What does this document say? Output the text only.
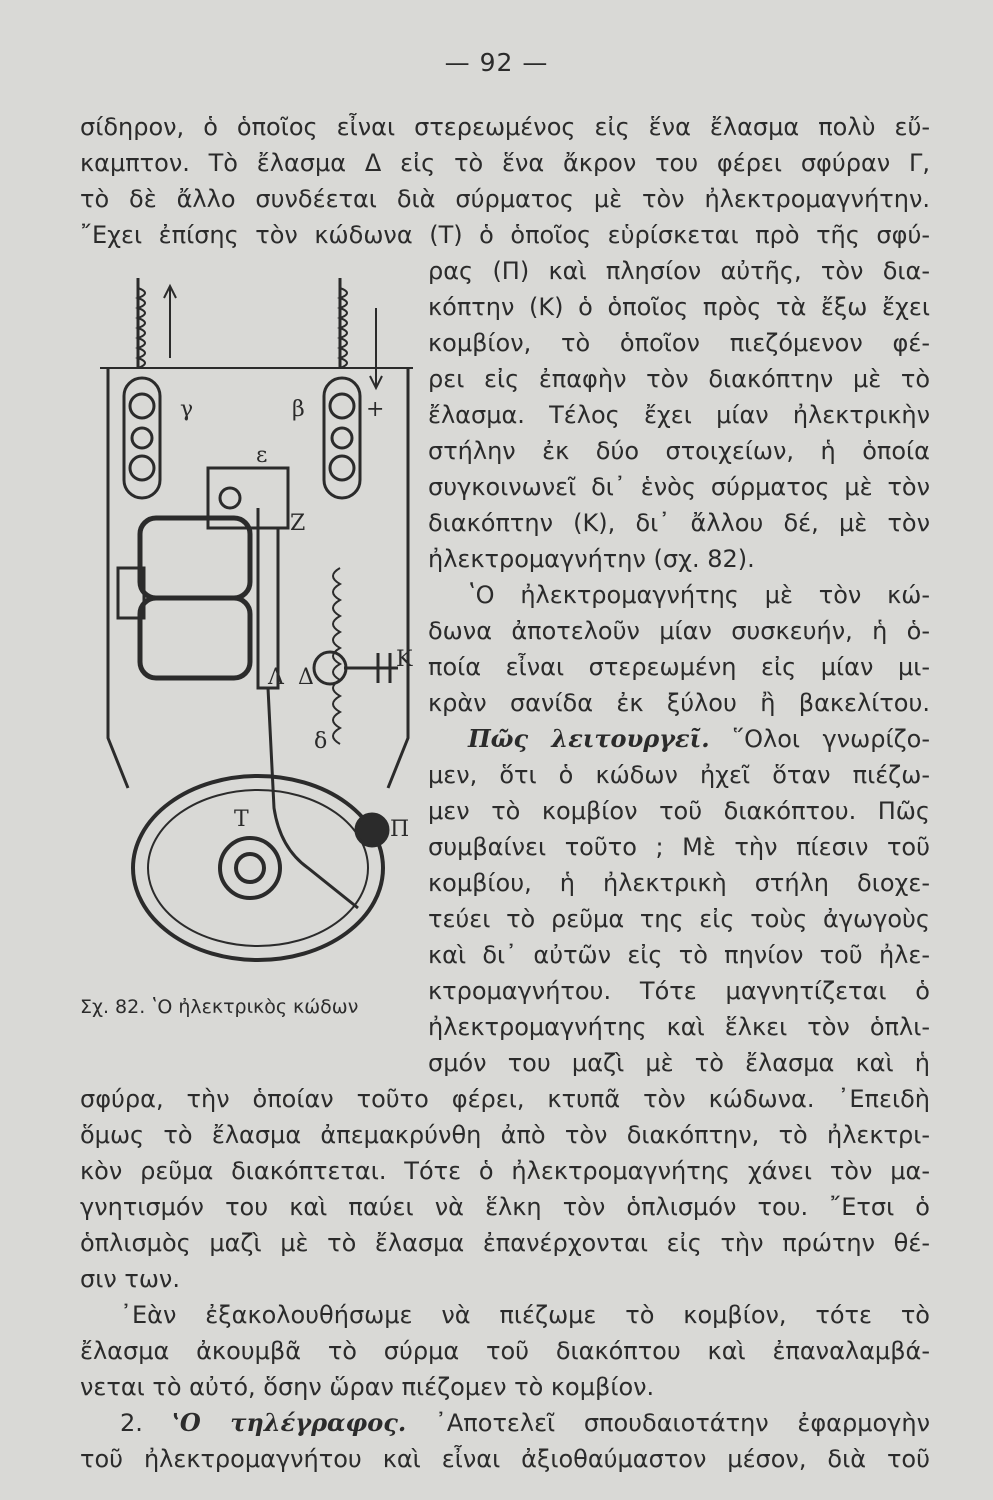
— 92 —
σίδηρον, ὁ ὁποῖος εἶναι στερεωμένος εἰς ἕνα ἔλασμα πολὺ εὔ-
καμπτον. Τὸ ἔλασμα Δ εἰς τὸ ἕνα ἄκρον του φέρει σφύραν Γ,
τὸ δὲ ἄλλο συνδέεται διὰ σύρματος μὲ τὸν ἠλεκτρομαγνήτην.
῎Εχει ἐπίσης τὸν κώδωνα (Τ) ὁ ὁποῖος εὑρίσκεται πρὸ τῆς σφύ-
γ	β	+
ε
Ζ
Κ
Λ Δ
δ
Τ	Π
ρας (Π) καὶ πλησίον αὐτῆς, τὸν δια-
κόπτην (Κ) ὁ ὁποῖος πρὸς τὰ ἔξω ἔχει
κομβίον, τὸ ὁποῖον πιεζόμενον φέ-
ρει εἰς ἐπαφὴν τὸν διακόπτην μὲ τὸ
ἔλασμα. Τέλος ἔχει μίαν ἠλεκτρικὴν
στήλην ἐκ δύο στοιχείων, ἡ ὁποία
συγκοινωνεῖ δι᾿ ἑνὸς σύρματος μὲ τὸν
διακόπτην (Κ), δι᾿ ἄλλου δέ, μὲ τὸν
ἠλεκτρομαγνήτην (σχ. 82).
ʽΟ ἠλεκτρομαγνήτης μὲ τὸν κώ-
δωνα ἀποτελοῦν μίαν συσκευήν, ἡ ὁ-
ποία εἶναι στερεωμένη εἰς μίαν μι-
κρὰν σανίδα ἐκ ξύλου ἢ βακελίτου.
Πῶς λειτουργεῖ. ῞Ολοι γνωρίζο-
μεν, ὅτι ὁ κώδων ἠχεῖ ὅταν πιέζω-
μεν τὸ κομβίον τοῦ διακόπτου. Πῶς
συμβαίνει τοῦτο ; Μὲ τὴν πίεσιν τοῦ
κομβίου, ἡ ἠλεκτρικὴ στήλη διοχε-
τεύει τὸ ρεῦμα της εἰς τοὺς ἀγωγοὺς
καὶ δι᾿ αὐτῶν εἰς τὸ πηνίον τοῦ ἠλε-
κτρομαγνήτου. Τότε μαγνητίζεται ὁ
ἠλεκτρομαγνήτης καὶ ἕλκει τὸν ὁπλι-
σμόν του μαζὶ μὲ τὸ ἔλασμα καὶ ἡ
Σχ. 82. ʽΟ ἠλεκτρικὸς κώδων
σφύρα, τὴν ὁποίαν τοῦτο φέρει, κτυπᾶ τὸν κώδωνα. ᾿Επειδὴ
ὅμως τὸ ἔλασμα ἀπεμακρύνθη ἀπὸ τὸν διακόπτην, τὸ ἠλεκτρι-
κὸν ρεῦμα διακόπτεται. Τότε ὁ ἠλεκτρομαγνήτης χάνει τὸν μα-
γνητισμόν του καὶ παύει νὰ ἕλκη τὸν ὁπλισμόν του. ῎Ετσι ὁ
ὁπλισμὸς μαζὶ μὲ τὸ ἔλασμα ἐπανέρχονται εἰς τὴν πρώτην θέ-
σιν των.
᾿Εὰν ἐξακολουθήσωμε νὰ πιέζωμε τὸ κομβίον, τότε τὸ
ἔλασμα ἀκουμβᾶ τὸ σύρμα τοῦ διακόπτου καὶ ἐπαναλαμβά-
νεται τὸ αὐτό, ὅσην ὥραν πιέζομεν τὸ κομβίον.
2. ʽΟ τηλέγραφος. ᾿Αποτελεῖ σπουδαιοτάτην ἐφαρμογὴν
τοῦ ἠλεκτρομαγνήτου καὶ εἶναι ἀξιοθαύμαστον μέσον, διὰ τοῦ
